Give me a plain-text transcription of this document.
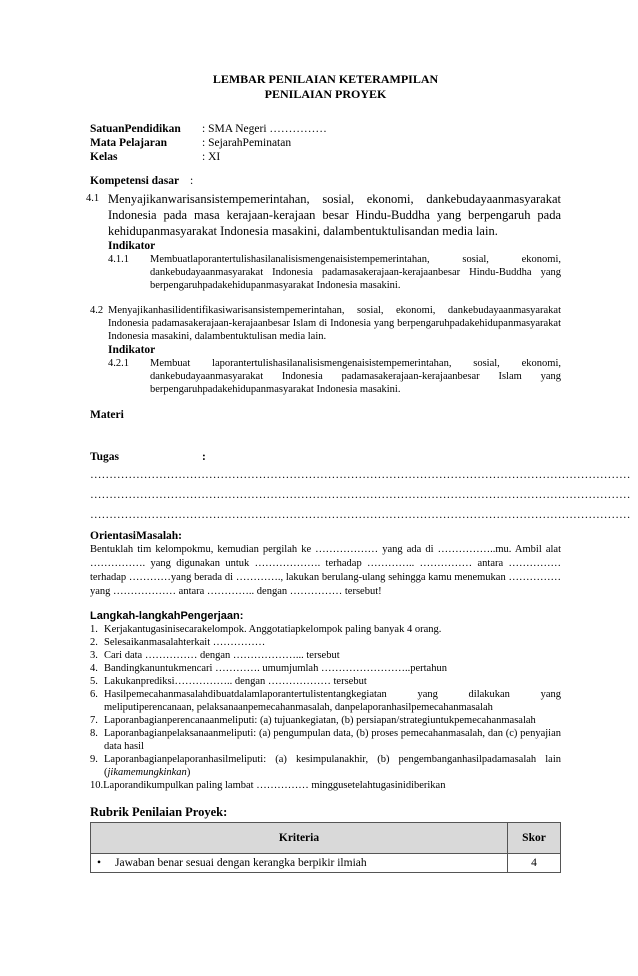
LEMBAR PENILAIAN KETERAMPILAN
PENILAIAN PROYEK
SatuanPendidikan	: SMA Negeri ……………
Mata Pelajaran	: SejarahPeminatan
Kelas	: XI
Kompetensi dasar :
4.1 Menyajikanwarisansistempemerintahan, sosial, ekonomi, dankebudayaanmasyarakat Indonesia pada masa kerajaan-kerajaan besar Hindu-Buddha yang berpengaruh pada kehidupanmasyarakat Indonesia masakini, dalambentuktulisandan media lain.
Indikator
4.1.1	Membuatlaporantertulishasilanalisismengenaisistempemerintahan, sosial, ekonomi, dankebudayaanmasyarakat Indonesia padamasakerajaan-kerajaanbesar Hindu-Buddha yang berpengaruhpadakehidupanmasyarakat Indonesia masakini.
4.2 Menyajikanhasilidentifikasiwarisansistempemerintahan, sosial, ekonomi, dankebudayaanmasyarakat Indonesia padamasakerajaan-kerajaanbesar Islam di Indonesia yang berpengaruhpadakehidupanmasyarakat Indonesia masakini, dalambentuktulisan media lain.
Indikator
4.2.1	Membuat laporantertulishasilanalisismengenaisistempemerintahan, sosial, ekonomi, dankebudayaanmasyarakat Indonesia padamasakerajaan-kerajaanbesar Islam yang berpengaruhpadakehidupanmasyarakat Indonesia masakini.
Materi
Tugas	:
……………………………………………………………………………………………………………………………
……………………………………………………………………………………………………………………………
……………………………………………………………………………………………………………………………
OrientasiMasalah:
Bentuklah tim kelompokmu, kemudian pergilah ke ……………… yang ada di ……………..mu. Ambil alat ……………. yang digunakan untuk ………………. terhadap ………….. …………… antara …………… terhadap …………yang berada di …………., lakukan berulang-ulang sehingga kamu menemukan ……………yang ……………… antara ………….. dengan …………… tersebut!
Langkah-langkahPengerjaan:
1. Kerjakantugasinisecarakelompok. Anggotatiapkelompok paling banyak 4 orang.
2. Selesaikanmasalahterkait ……………
3. Cari data …………… dengan ………………... tersebut
4. Bandingkanuntukmencari …………. umumjumlah ……………………..pertahun
5. Lakukanprediksi…………….. dengan ……………… tersebut
6. Hasilpemecahanmasalahdibuatdalamlaporantertulistentangkegiatan yang dilakukan yang meliputiperencanaan, pelaksanaanpemecahanmasalah, danpelaporanhasilpemecahanmasalah
7. Laporanbagianperencanaanmeliputi: (a) tujuankegiatan, (b) persiapan/strategiuntukpemecahanmasalah
8. Laporanbagianpelaksanaanmeliputi: (a) pengumpulan data, (b) proses pemecahanmasalah, dan (c) penyajian data hasil
9. Laporanbagianpelaporanhasilmeliputi: (a) kesimpulanakhir, (b) pengembanganhasilpadamasalah lain (jikamemungkinkan)
10. Laporandikumpulkan paling lambat …………… minggusetelahtugasinidiberikan
Rubrik Penilaian Proyek:
Kriteria	Skor
• Jawaban benar sesuai dengan kerangka berpikir ilmiah	4
